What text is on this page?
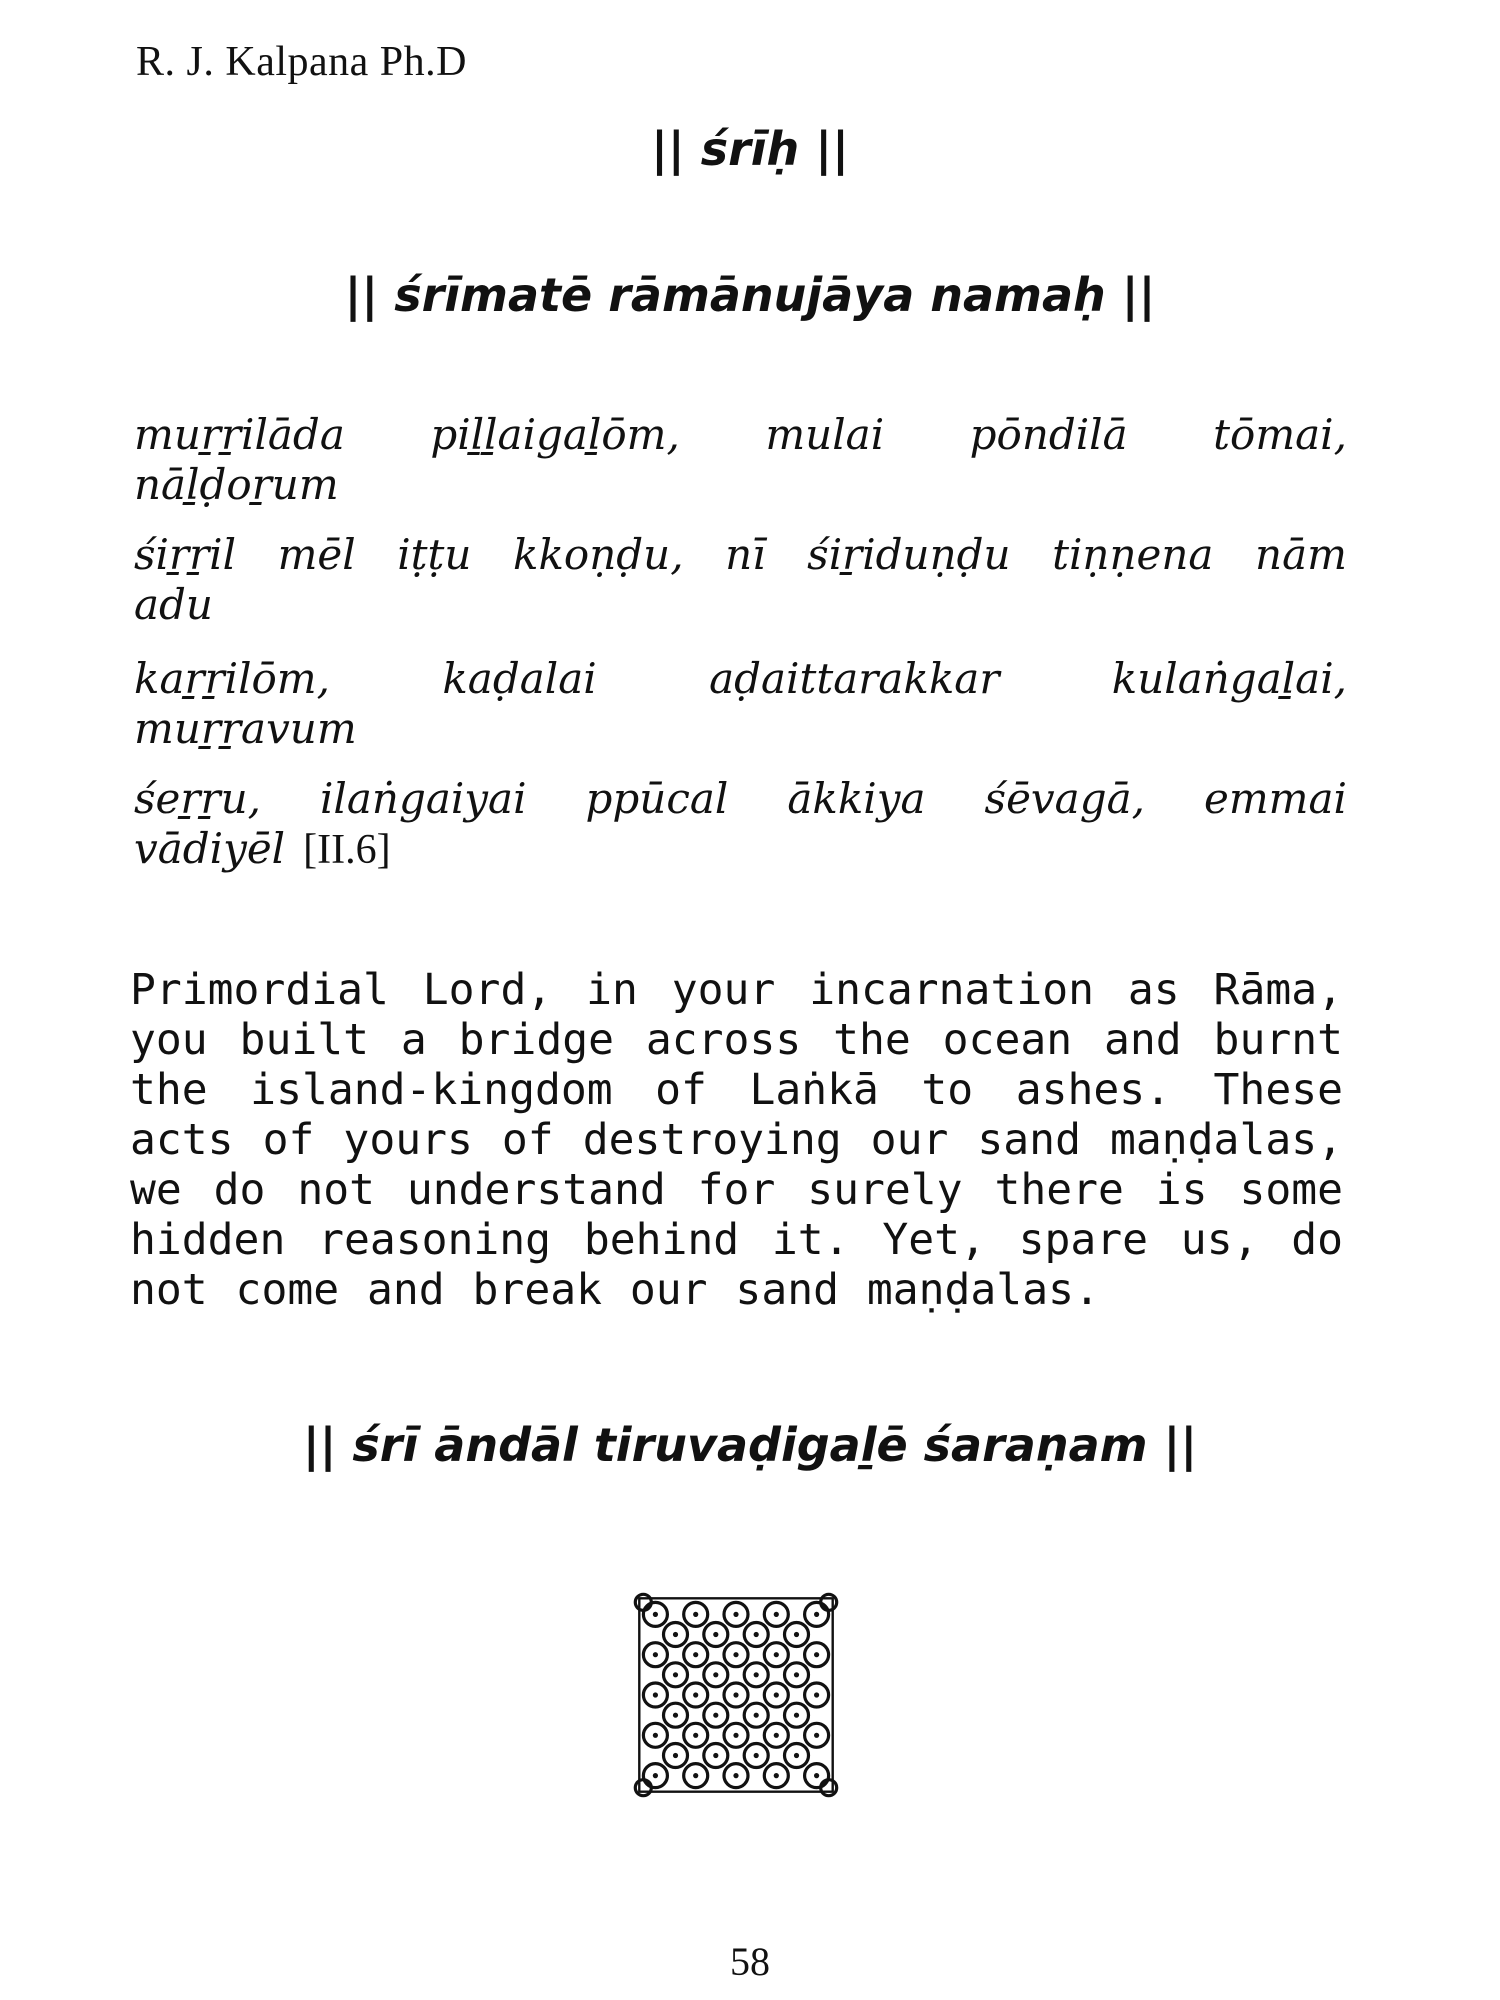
R. J. Kalpana Ph.D
|| śrīḥ ||
|| śrīmatē rāmānujāya namaḥ ||
muṟṟilāda piḻḻaigaḻōm, mulai pōndilā tōmai,
nāḻḍoṟum
śiṟṟil mēl iṭṭu kkoṇḍu, nī śiṟiduṇḍu tiṇṇena nām
adu
kaṟṟilōm,	kaḍalai	aḍaittarakkar	kulaṅgaḻai,
muṟṟavum
śeṟṟu, ilaṅgaiyai ppūcal ākkiya śēvagā, emmai
vādiyēl [II.6]
Primordial Lord, in your incarnation as Rāma, you built a bridge across the ocean and burnt the island-kingdom of Laṅkā to ashes. These acts of yours of destroying our sand maṇḍalas, we do not understand for surely there is some hidden reasoning behind it. Yet, spare us, do not come and break our sand maṇḍalas.
|| śrī āndāl tiruvaḍigaḻē śaraṇam ||
58
